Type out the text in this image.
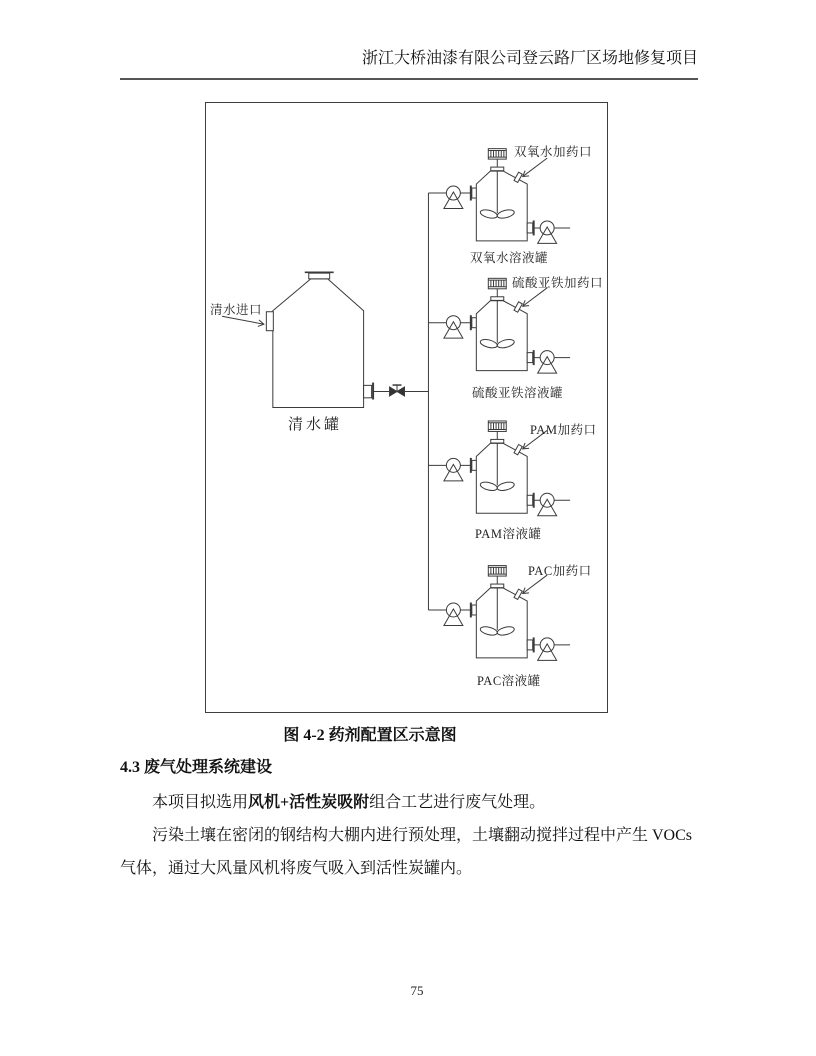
浙江大桥油漆有限公司登云路厂区场地修复项目
清水进口
清水罐
双氧水加药口
双氧水溶液罐
硫酸亚铁加药口
硫酸亚铁溶液罐
PAM加药口
PAM溶液罐
PAC加药口
PAC溶液罐
图 4-2 药剂配置区示意图
4.3 废气处理系统建设
本项目拟选用风机+活性炭吸附组合工艺进行废气处理。
污染土壤在密闭的钢结构大棚内进行预处理，土壤翻动搅拌过程中产生 VOCs 气体，通过大风量风机将废气吸入到活性炭罐内。
75
